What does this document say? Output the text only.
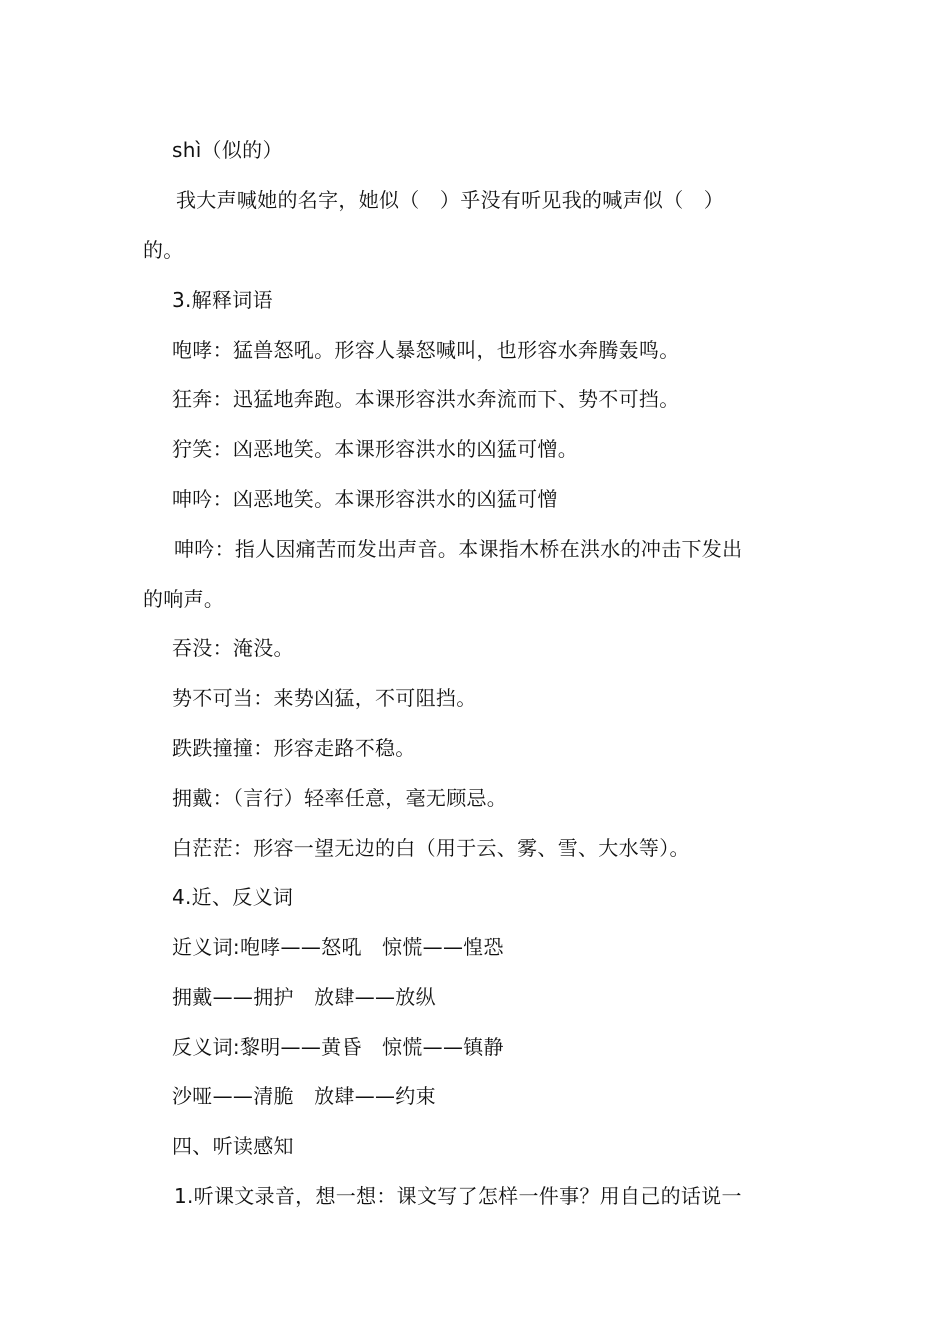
shì（似的）
我大声喊她的名字，她似（　）乎没有听见我的喊声似（　）
的。
3.解释词语
咆哮：猛兽怒吼。形容人暴怒喊叫，也形容水奔腾轰鸣。
狂奔：迅猛地奔跑。本课形容洪水奔流而下、势不可挡。
狞笑：凶恶地笑。本课形容洪水的凶猛可憎。
呻吟：凶恶地笑。本课形容洪水的凶猛可憎
呻吟：指人因痛苦而发出声音。本课指木桥在洪水的冲击下发出
的响声。
吞没：淹没。
势不可当：来势凶猛，不可阻挡。
跌跌撞撞：形容走路不稳。
拥戴：（言行）轻率任意，毫无顾忌。
白茫茫：形容一望无边的白（用于云、雾、雪、大水等）。
4.近、反义词
近义词:咆哮——怒吼　惊慌——惶恐
拥戴——拥护　放肆——放纵
反义词:黎明——黄昏　惊慌——镇静
沙哑——清脆　放肆——约束
四、听读感知
1.听课文录音，想一想：课文写了怎样一件事？用自己的话说一
